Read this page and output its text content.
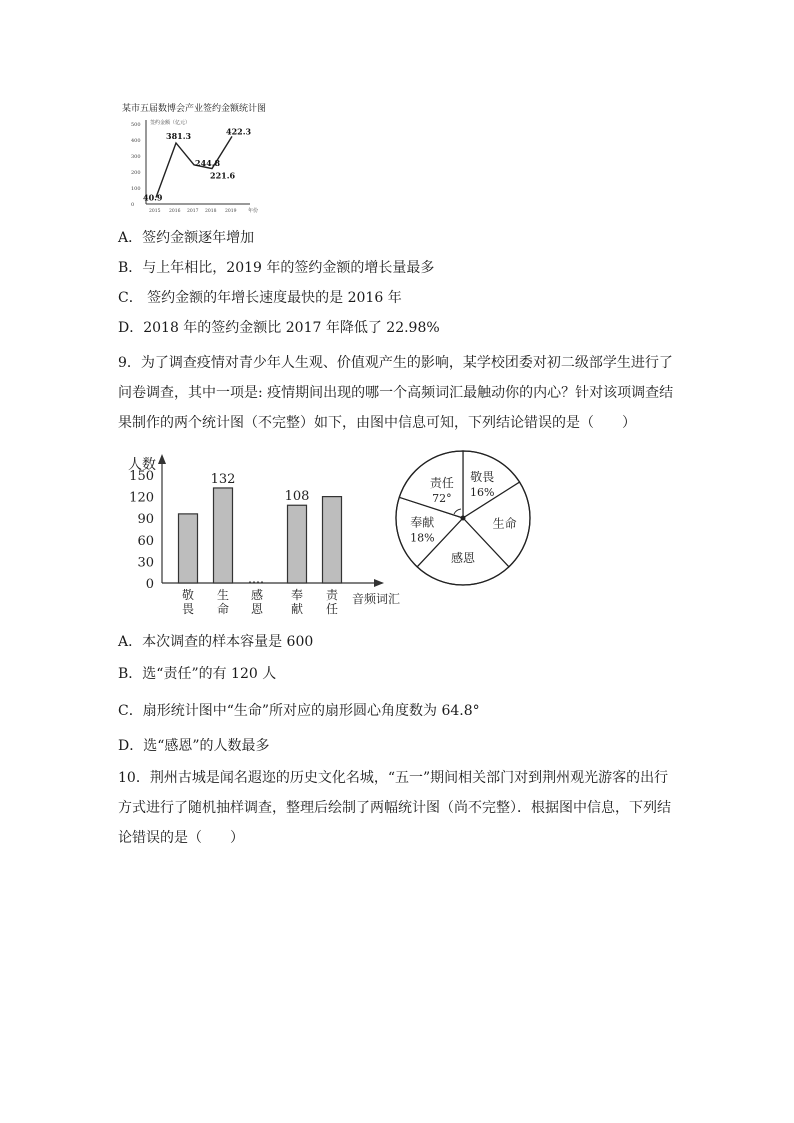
某市五届数博会产业签约金额统计图
签约金额（亿元）
年份
0
100
200
300
400
500
2015 2016 2017 2018 2019
40.9
381.3
244.8
221.6
422.3
A．签约金额逐年增加
B．与上年相比，2019 年的签约金额的增长量最多
C． 签约金额的年增长速度最快的是 2016 年
D．2018 年的签约金额比 2017 年降低了 22.98%
9．为了调查疫情对青少年人生观、价值观产生的影响，某学校团委对初二级部学生进行了问卷调查，其中一项是: 疫情期间出现的哪一个高频词汇最触动你的内心？针对该项调查结果制作的两个统计图（不完整）如下，由图中信息可知，下列结论错误的是（　　）
人数
音频词汇
0
30
60
90
120
150	132
108
敬畏
生命
感恩
奉献
责任
敬畏
16%
生命
感恩
奉献
18%
责任
72°
A．本次调查的样本容量是 600
B．选“责任”的有 120 人
C．扇形统计图中“生命”所对应的扇形圆心角度数为 64.8°
D．选“感恩”的人数最多
10．荆州古城是闻名遐迩的历史文化名城，“五一”期间相关部门对到荆州观光游客的出行方式进行了随机抽样调查，整理后绘制了两幅统计图（尚不完整）．根据图中信息，下列结论错误的是（　　）
